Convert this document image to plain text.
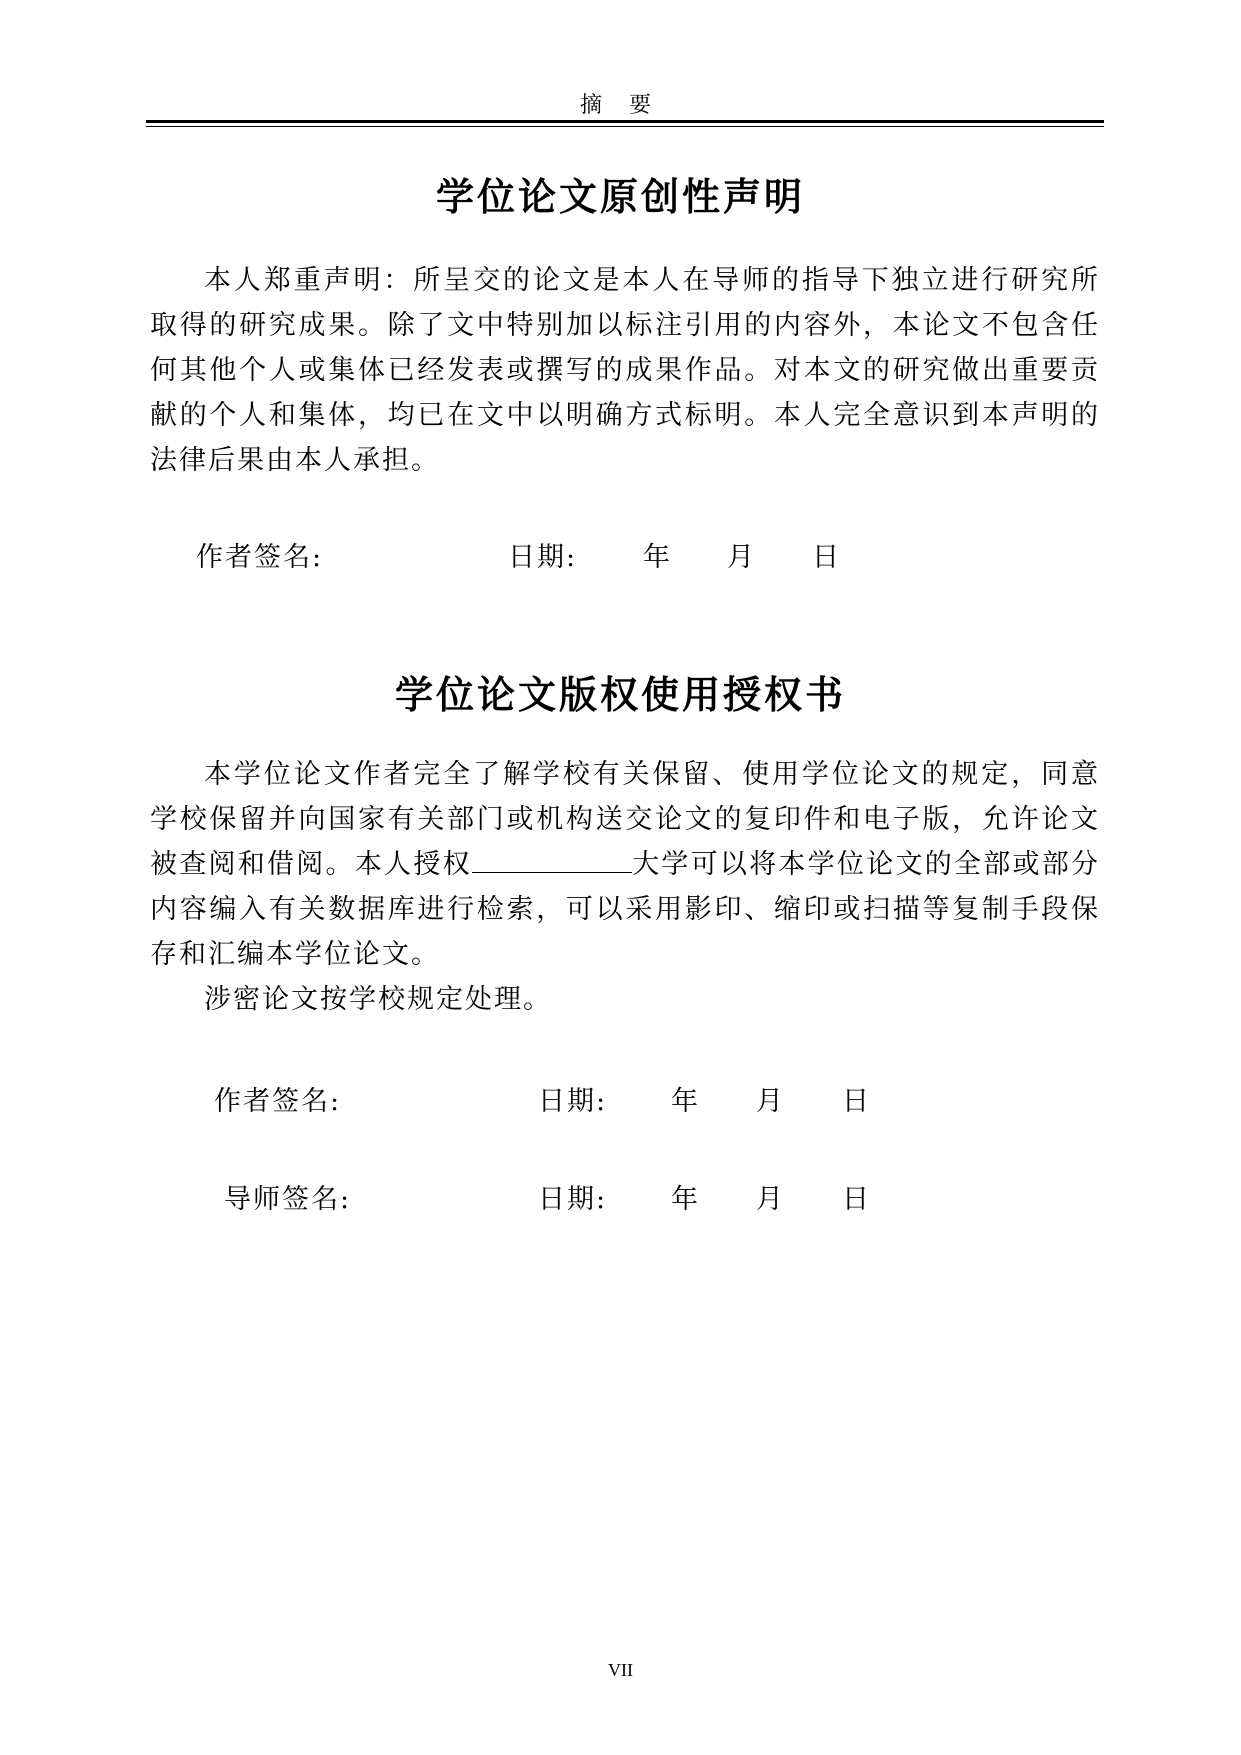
摘 要
学位论文原创性声明

本人郑重声明：所呈交的论文是本人在导师的指导下独立进行研究所取得的研究成果。除了文中特别加以标注引用的内容外，本论文不包含任何其他个人或集体已经发表或撰写的成果作品。对本文的研究做出重要贡献的个人和集体，均已在文中以明确方式标明。本人完全意识到本声明的法律后果由本人承担。

作者签名:	日期: 年 月 日
学位论文版权使用授权书

本学位论文作者完全了解学校有关保留、使用学位论文的规定，同意学校保留并向国家有关部门或机构送交论文的复印件和电子版，允许论文被查阅和借阅。本人授权	大学可以将本学位论文的全部或部分内容编入有关数据库进行检索，可以采用影印、缩印或扫描等复制手段保存和汇编本学位论文。

涉密论文按学校规定处理。

作者签名:	日期: 年 月 日
导师签名:	日期: 年 月 日
VII
